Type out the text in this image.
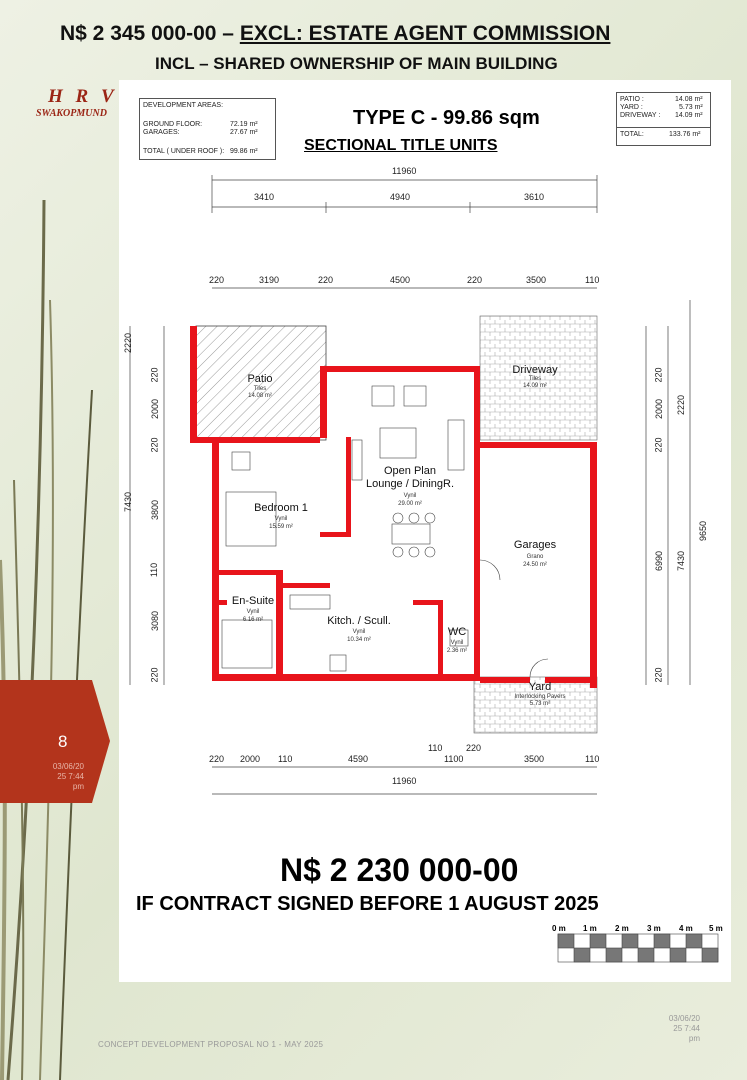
N$ 2 345 000-00 – EXCL: ESTATE AGENT COMMISSION
INCL – SHARED OWNERSHIP OF MAIN BUILDING
H R V
SWAKOPMUND
8
03/06/20
25 7:44
pm
DEVELOPMENT AREAS:
GROUND FLOOR:	72.19 m²
GARAGES:	27.67 m²
TOTAL ( UNDER ROOF ): 99.86 m²
PATIO :	14.08 m²
YARD :	5.73 m²
DRIVEWAY : 14.09 m²
TOTAL:	133.76 m²
TYPE C - 99.86 sqm
SECTIONAL TITLE UNITS
11960
3410	4940	3610
220	3190	220	4500	220	3500	110
220 2000 110	4590	1100	3500	110
110	220
11960
2220
7430
220
2000
220
3800
110
3080
220
220
2000
220
6990
220
2220
7430
9650
Patio
Tiles
14.08 m²
Driveway
Tiles
14.09 m²
Open Plan
Lounge / DiningR.
Vynil
29.00 m²
Bedroom 1
Vynil
15.59 m²
Garages
Grano
24.50 m²
En-Suite
Vynil
6.16 m²	Kitch. / Scull.
Vynil
10.34 m²
WC
Vynil
2.36 m²
Yard
Interlocking Pavers
5.73 m²
N$ 2 230 000-00
IF CONTRACT SIGNED BEFORE 1 AUGUST 2025
0 m 1 m 2 m 3 m 4 m 5 m
CONCEPT DEVELOPMENT PROPOSAL NO 1 - MAY 2025
03/06/20
25 7:44
pm
